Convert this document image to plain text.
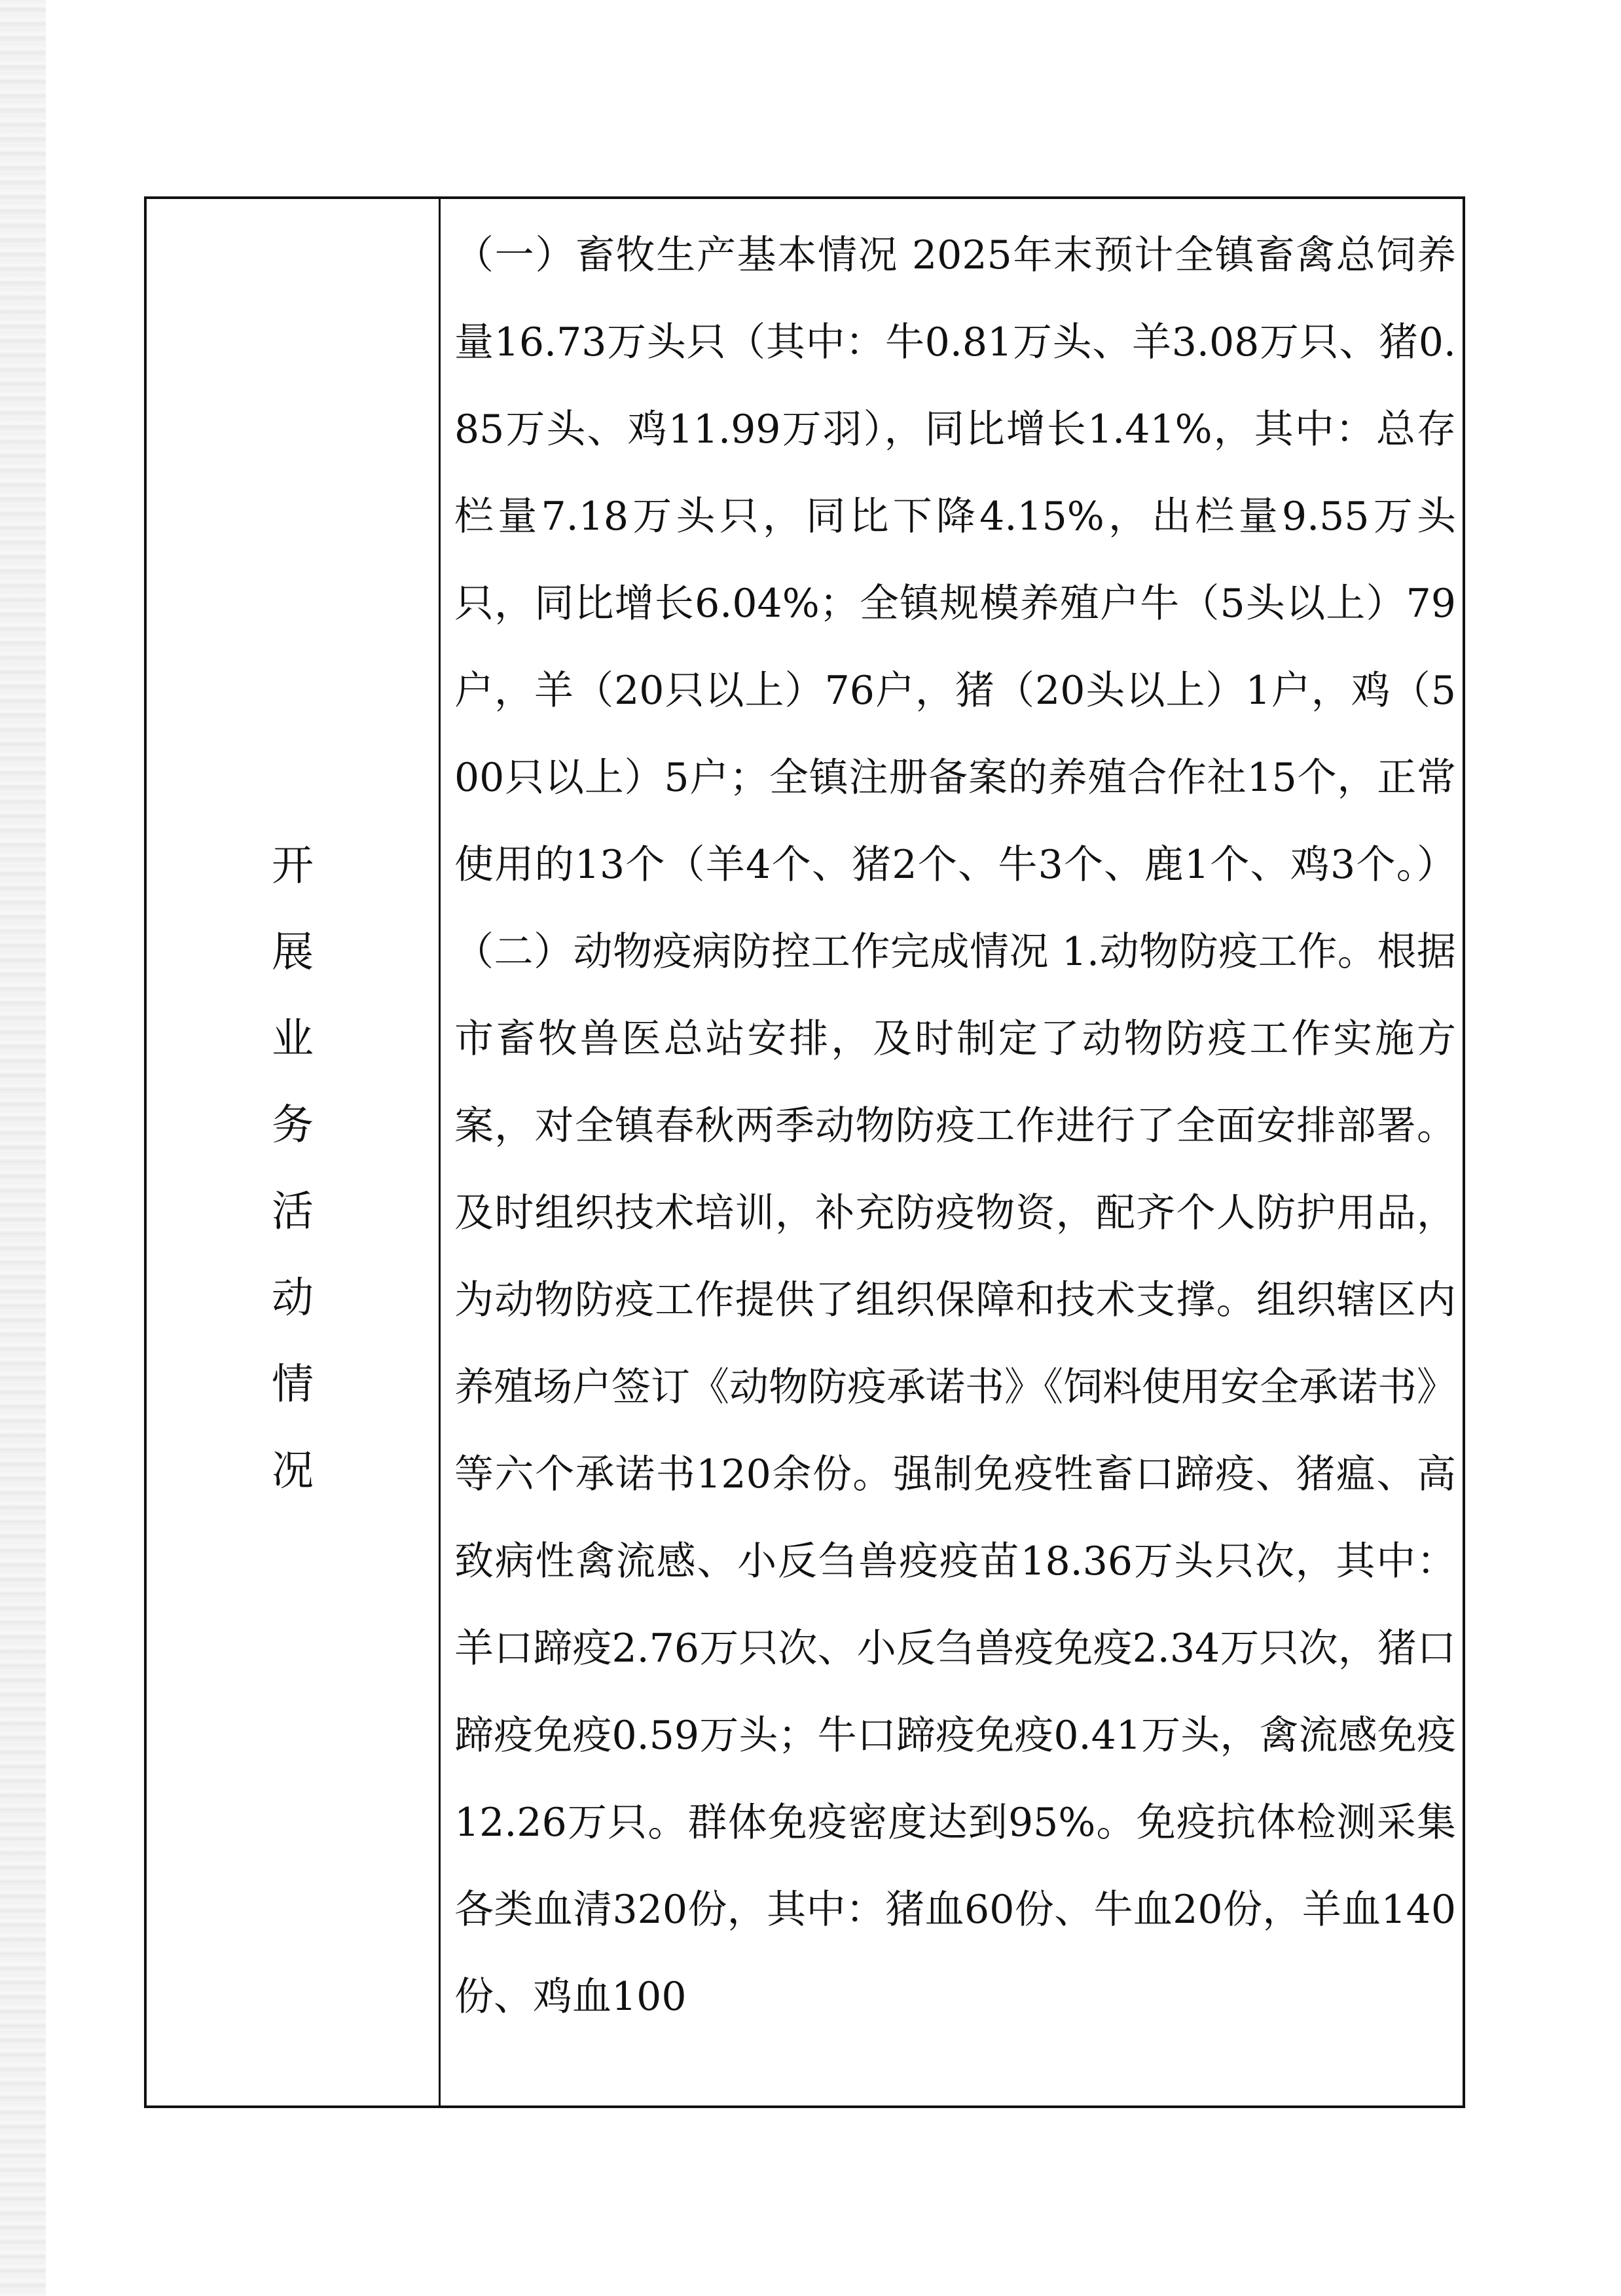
开
展
业
务
活
动
情
况

（一）畜牧生产基本情况 2025年末预计全镇畜禽总饲养量16.73万头只（其中：牛0.81万头、羊3.08万只、猪0.85万头、鸡11.99万羽），同比增长1.41%，其中：总存栏量7.18万头只，同比下降4.15%，出栏量9.55万头只，同比增长6.04%；全镇规模养殖户牛（5头以上）79户，羊（20只以上）76户，猪（20头以上）1户，鸡（500只以上）5户；全镇注册备案的养殖合作社15个，正常使用的13个（羊4个、猪2个、牛3个、鹿1个、鸡3个。） （二）动物疫病防控工作完成情况 1.动物防疫工作。根据市畜牧兽医总站安排，及时制定了动物防疫工作实施方案，对全镇春秋两季动物防疫工作进行了全面安排部署。及时组织技术培训，补充防疫物资，配齐个人防护用品，为动物防疫工作提供了组织保障和技术支撑。组织辖区内养殖场户签订《动物防疫承诺书》《饲料使用安全承诺书》等六个承诺书120余份。强制免疫牲畜口蹄疫、猪瘟、高致病性禽流感、小反刍兽疫疫苗18.36万头只次，其中：羊口蹄疫2.76万只次、小反刍兽疫免疫2.34万只次，猪口蹄疫免疫0.59万头；牛口蹄疫免疫0.41万头，禽流感免疫12.26万只。群体免疫密度达到95%。免疫抗体检测采集各类血清320份，其中：猪血60份、牛血20份，羊血140份、鸡血100
